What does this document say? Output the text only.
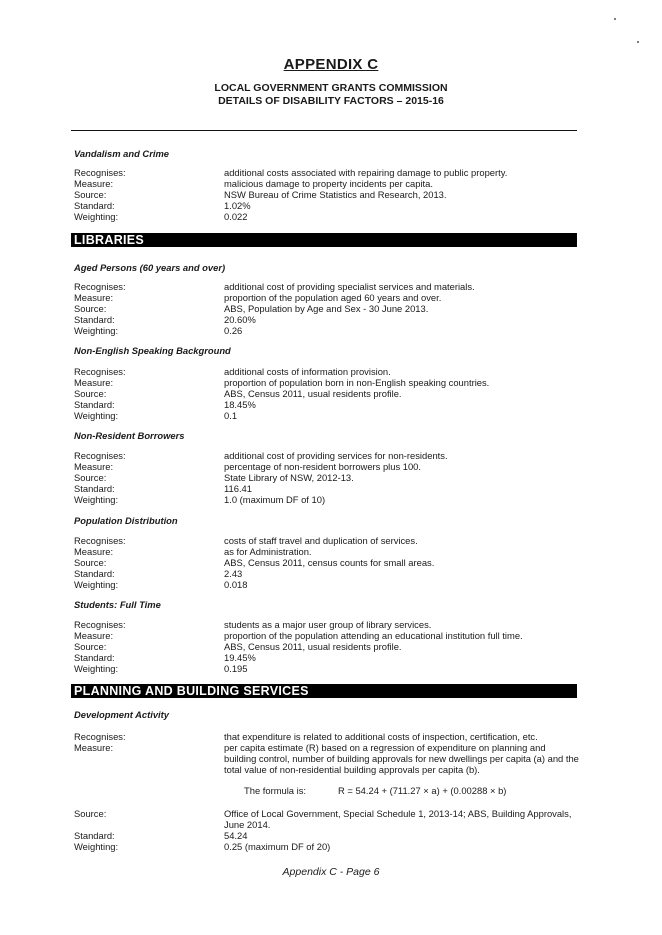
APPENDIX C
LOCAL GOVERNMENT GRANTS COMMISSION
DETAILS OF DISABILITY FACTORS – 2015-16
Vandalism and Crime
Recognises:	additional costs associated with repairing damage to public property.
Measure:	malicious damage to property incidents per capita.
Source:	NSW Bureau of Crime Statistics and Research, 2013.
Standard:	1.02%
Weighting:	0.022
LIBRARIES
Aged Persons (60 years and over)
Recognises:	additional cost of providing specialist services and materials.
Measure:	proportion of the population aged 60 years and over.
Source:	ABS, Population by Age and Sex - 30 June 2013.
Standard:	20.60%
Weighting:	0.26
Non-English Speaking Background
Recognises:	additional costs of information provision.
Measure:	proportion of population born in non-English speaking countries.
Source:	ABS, Census 2011, usual residents profile.
Standard:	18.45%
Weighting:	0.1
Non-Resident Borrowers
Recognises:	additional cost of providing services for non-residents.
Measure:	percentage of non-resident borrowers plus 100.
Source:	State Library of NSW, 2012-13.
Standard:	116.41
Weighting:	1.0 (maximum DF of 10)
Population Distribution
Recognises:	costs of staff travel and duplication of services.
Measure:	as for Administration.
Source:	ABS, Census 2011, census counts for small areas.
Standard:	2.43
Weighting:	0.018
Students: Full Time
Recognises:	students as a major user group of library services.
Measure:	proportion of the population attending an educational institution full time.
Source:	ABS, Census 2011, usual residents profile.
Standard:	19.45%
Weighting:	0.195
PLANNING AND BUILDING SERVICES
Development Activity
Recognises:	that expenditure is related to additional costs of inspection, certification, etc.
Measure:	per capita estimate (R) based on a regression of expenditure on planning and
building control, number of building approvals for new dwellings per capita (a) and the
total value of non-residential building approvals per capita (b).
The formula is:	R = 54.24 + (711.27 × a) + (0.00288 × b)
Source:	Office of Local Government, Special Schedule 1, 2013-14; ABS, Building Approvals,
June 2014.
Standard:	54.24
Weighting:	0.25 (maximum DF of 20)
Appendix C - Page 6
